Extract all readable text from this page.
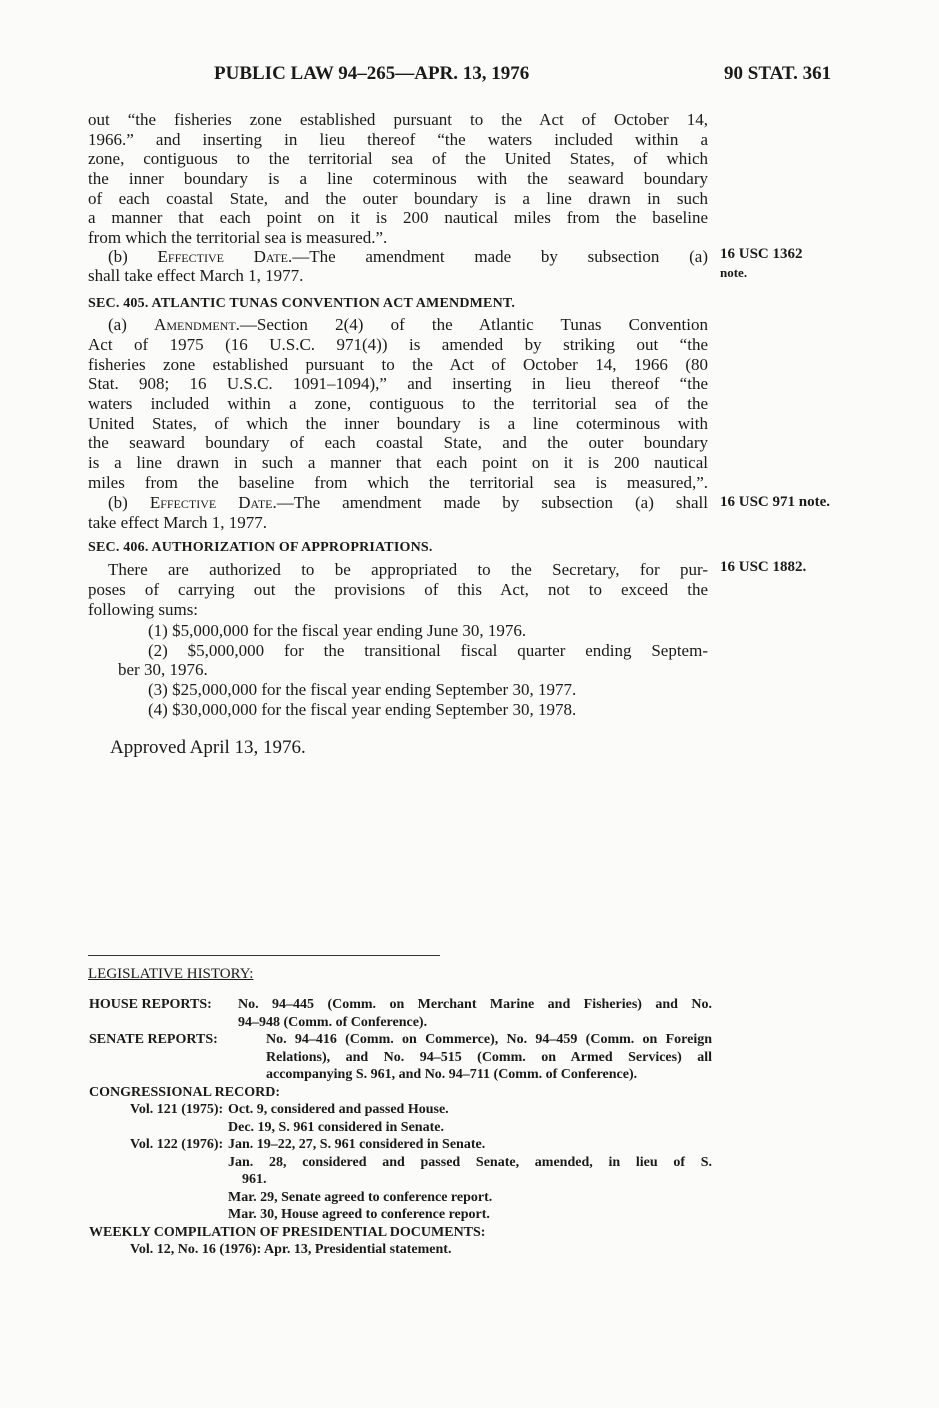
PUBLIC LAW 94–265—APR. 13, 1976	90 STAT. 361
out “the fisheries zone established pursuant to the Act of October 14,
1966.” and inserting in lieu thereof “the waters included within a
zone, contiguous to the territorial sea of the United States, of which
the inner boundary is a line coterminous with the seaward boundary
of each coastal State, and the outer boundary is a line drawn in such
a manner that each point on it is 200 nautical miles from the baseline
from which the territorial sea is measured.”.
(b) Effective Date.—The amendment made by subsection (a)
shall take effect March 1, 1977.
16 USC 1362
note.
SEC. 405. ATLANTIC TUNAS CONVENTION ACT AMENDMENT.
(a) Amendment.—Section 2(4) of the Atlantic Tunas Convention
Act of 1975 (16 U.S.C. 971(4)) is amended by striking out “the
fisheries zone established pursuant to the Act of October 14, 1966 (80
Stat. 908; 16 U.S.C. 1091–1094),” and inserting in lieu thereof “the
waters included within a zone, contiguous to the territorial sea of the
United States, of which the inner boundary is a line coterminous with
the seaward boundary of each coastal State, and the outer boundary
is a line drawn in such a manner that each point on it is 200 nautical
miles from the baseline from which the territorial sea is measured,”.
(b) Effective Date.—The amendment made by subsection (a) shall
take effect March 1, 1977.
16 USC 971 note.
SEC. 406. AUTHORIZATION OF APPROPRIATIONS.
There are authorized to be appropriated to the Secretary, for pur-
poses of carrying out the provisions of this Act, not to exceed the
following sums:
16 USC 1882.
(1) $5,000,000 for the fiscal year ending June 30, 1976.
(2) $5,000,000 for the transitional fiscal quarter ending Septem-
ber 30, 1976.
(3) $25,000,000 for the fiscal year ending September 30, 1977.
(4) $30,000,000 for the fiscal year ending September 30, 1978.
Approved April 13, 1976.
LEGISLATIVE HISTORY:
HOUSE REPORTS: No. 94–445 (Comm. on Merchant Marine and Fisheries) and No.
94–948 (Comm. of Conference).
SENATE REPORTS:	No. 94–416 (Comm. on Commerce), No. 94–459 (Comm. on Foreign
Relations), and No. 94–515 (Comm. on Armed Services) all
accompanying S. 961, and No. 94–711 (Comm. of Conference).
CONGRESSIONAL RECORD:
Vol. 121 (1975): Oct. 9, considered and passed House.
Dec. 19, S. 961 considered in Senate.
Vol. 122 (1976): Jan. 19–22, 27, S. 961 considered in Senate.
Jan. 28, considered and passed Senate, amended, in lieu of S.
961.
Mar. 29, Senate agreed to conference report.
Mar. 30, House agreed to conference report.
WEEKLY COMPILATION OF PRESIDENTIAL DOCUMENTS:
Vol. 12, No. 16 (1976): Apr. 13, Presidential statement.
